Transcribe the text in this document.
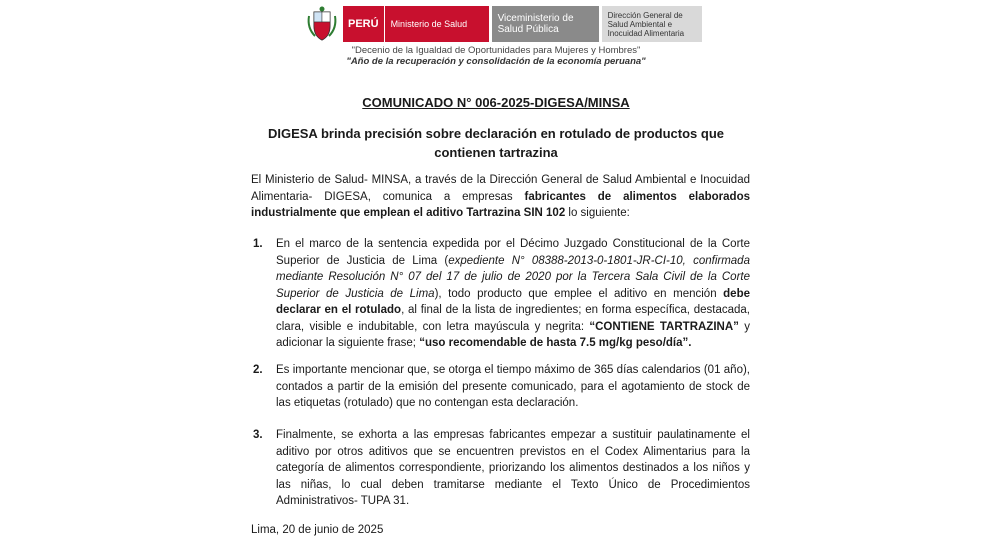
PERÚ	Ministerio de Salud	Viceministerio de Salud Pública
Dirección General de Salud Ambiental e Inocuidad Alimentaria
"Decenio de la Igualdad de Oportunidades para Mujeres y Hombres"
"Año de la recuperación y consolidación de la economía peruana"
COMUNICADO N° 006-2025-DIGESA/MINSA
DIGESA brinda precisión sobre declaración en rotulado de productos que
contienen tartrazina
El Ministerio de Salud- MINSA, a través de la Dirección General de Salud Ambiental e Inocuidad Alimentaria- DIGESA, comunica a empresas fabricantes de alimentos elaborados industrialmente que emplean el aditivo Tartrazina SIN 102 lo siguiente:
1. En el marco de la sentencia expedida por el Décimo Juzgado Constitucional de la Corte Superior de Justicia de Lima (expediente N° 08388-2013-0-1801-JR-CI-10, confirmada mediante Resolución N° 07 del 17 de julio de 2020 por la Tercera Sala Civil de la Corte Superior de Justicia de Lima), todo producto que emplee el aditivo en mención debe declarar en el rotulado, al final de la lista de ingredientes; en forma específica, destacada, clara, visible e indubitable, con letra mayúscula y negrita: “CONTIENE TARTRAZINA” y adicionar la siguiente frase; “uso recomendable de hasta 7.5 mg/kg peso/día”.
2. Es importante mencionar que, se otorga el tiempo máximo de 365 días calendarios (01 año), contados a partir de la emisión del presente comunicado, para el agotamiento de stock de las etiquetas (rotulado) que no contengan esta declaración.
3. Finalmente, se exhorta a las empresas fabricantes empezar a sustituir paulatinamente el aditivo por otros aditivos que se encuentren previstos en el Codex Alimentarius para la categoría de alimentos correspondiente, priorizando los alimentos destinados a los niños y las niñas, lo cual deben tramitarse mediante el Texto Único de Procedimientos Administrativos- TUPA 31.
Lima, 20 de junio de 2025
